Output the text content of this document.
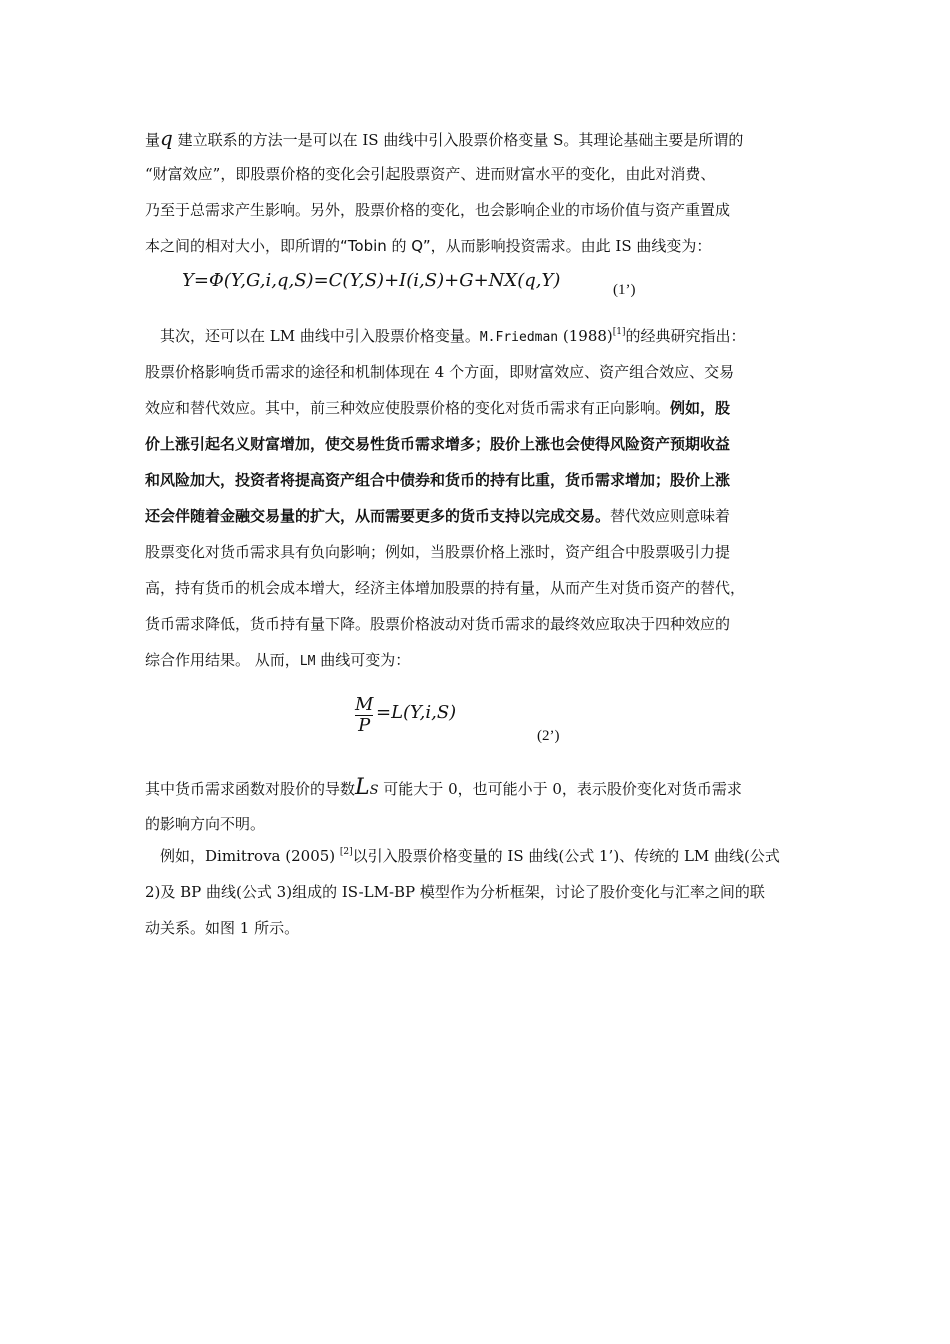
量q 建立联系的方法一是可以在 IS 曲线中引入股票价格变量 S。其理论基础主要是所谓的
“财富效应”，即股票价格的变化会引起股票资产、进而财富水平的变化，由此对消费、
乃至于总需求产生影响。另外，股票价格的变化，也会影响企业的市场价值与资产重置成
本之间的相对大小，即所谓的“Tobin 的 Q”，从而影响投资需求。由此 IS 曲线变为：
Y=Φ(Y,G,i,q,S)=C(Y,S)+I(i,S)+G+NX(q,Y)	(1’)
　其次，还可以在 LM 曲线中引入股票价格变量。M.Friedman (1988)[1]的经典研究指出：
股票价格影响货币需求的途径和机制体现在 4 个方面，即财富效应、资产组合效应、交易
效应和替代效应。其中，前三种效应使股票价格的变化对货币需求有正向影响。例如，股
价上涨引起名义财富增加，使交易性货币需求增多；股价上涨也会使得风险资产预期收益
和风险加大，投资者将提高资产组合中债券和货币的持有比重，货币需求增加；股价上涨
还会伴随着金融交易量的扩大，从而需要更多的货币支持以完成交易。替代效应则意味着
股票变化对货币需求具有负向影响；例如，当股票价格上涨时，资产组合中股票吸引力提
高，持有货币的机会成本增大，经济主体增加股票的持有量，从而产生对货币资产的替代，
货币需求降低，货币持有量下降。股票价格波动对货币需求的最终效应取决于四种效应的
综合作用结果。 从而，LM 曲线可变为：
$\frac{M}{P} =L(Y,i,S)$
(2’)
其中货币需求函数对股价的导数LS 可能大于 0，也可能小于 0，表示股价变化对货币需求
的影响方向不明。
　例如，Dimitrova (2005) [2]以引入股票价格变量的 IS 曲线(公式 1’)、传统的 LM 曲线(公式
2)及 BP 曲线(公式 3)组成的 IS-LM-BP 模型作为分析框架，讨论了股价变化与汇率之间的联
动关系。如图 1 所示。
